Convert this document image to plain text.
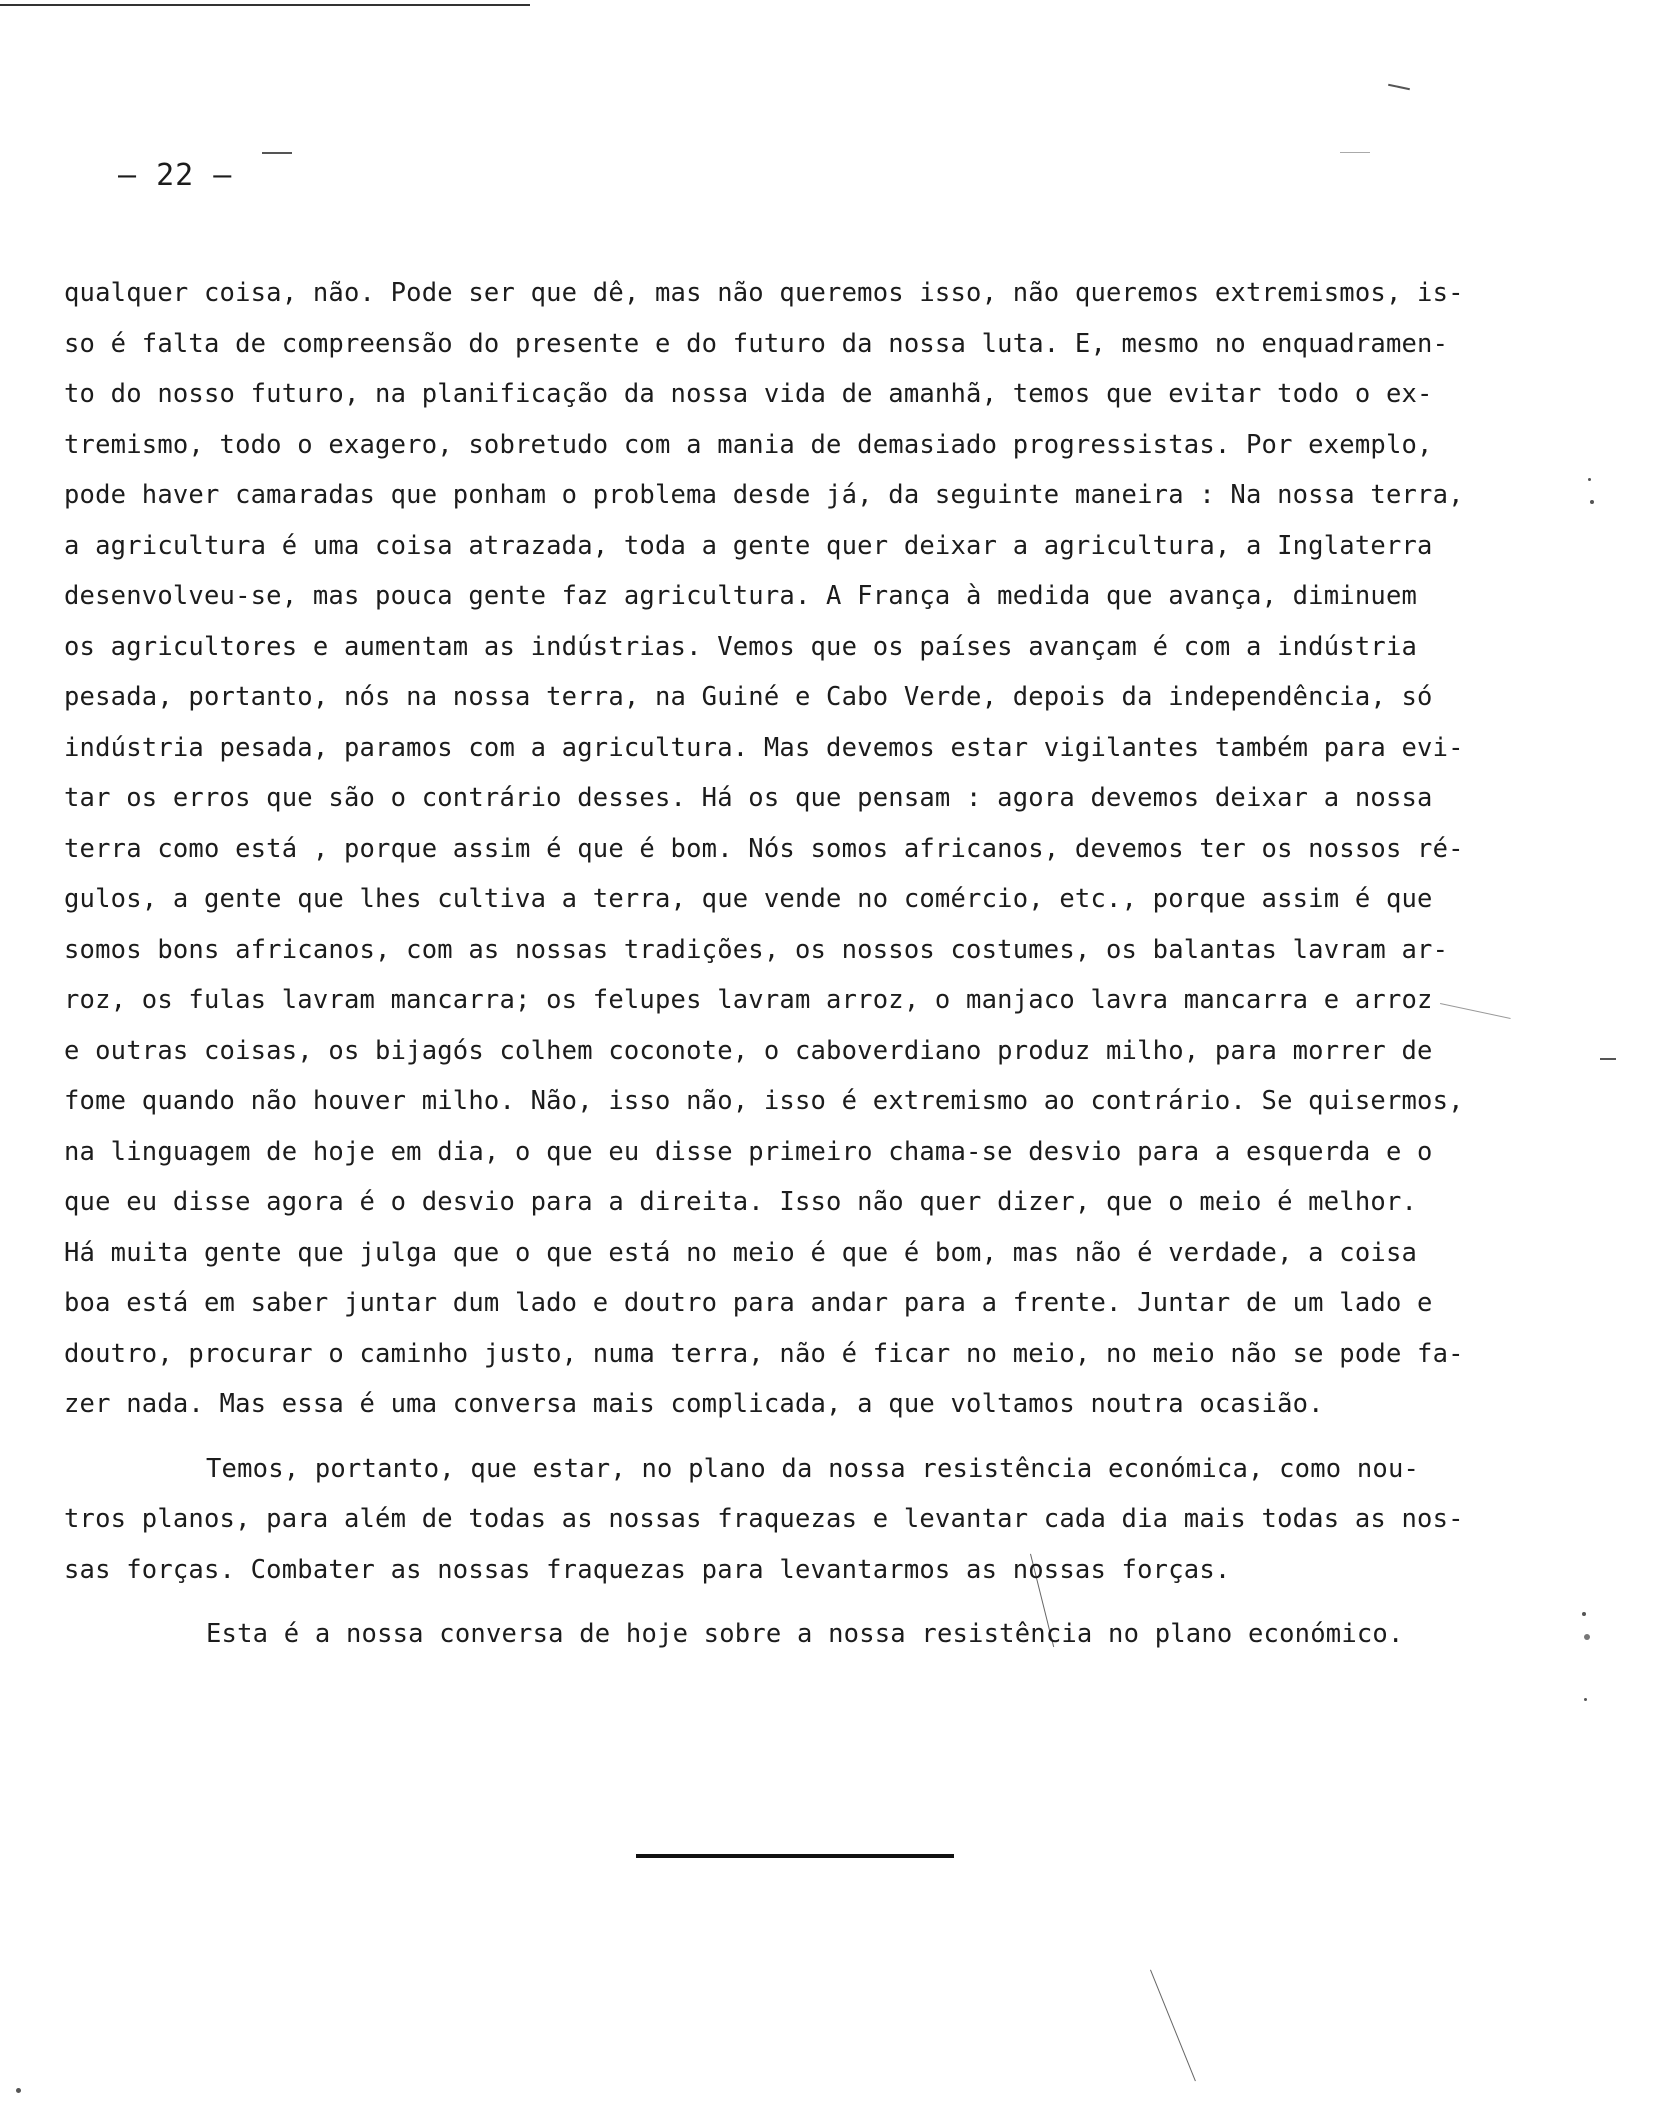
– 22 –
qualquer coisa, não. Pode ser que dê, mas não queremos isso, não queremos extremismos, is-
so é falta de compreensão do presente e do futuro da nossa luta. E, mesmo no enquadramen-
to do nosso futuro, na planificação da nossa vida de amanhã, temos que evitar todo o ex-
tremismo, todo o exagero, sobretudo com a mania de demasiado progressistas. Por exemplo,
pode haver camaradas que ponham o problema desde já, da seguinte maneira : Na nossa terra,
a agricultura é uma coisa atrazada, toda a gente quer deixar a agricultura, a Inglaterra
desenvolveu-se, mas pouca gente faz agricultura. A França à medida que avança, diminuem
os agricultores e aumentam as indústrias. Vemos que os países avançam é com a indústria
pesada, portanto, nós na nossa terra, na Guiné e Cabo Verde, depois da independência, só
indústria pesada, paramos com a agricultura. Mas devemos estar vigilantes também para evi-
tar os erros que são o contrário desses. Há os que pensam : agora devemos deixar a nossa
terra como está , porque assim é que é bom. Nós somos africanos, devemos ter os nossos ré-
gulos, a gente que lhes cultiva a terra, que vende no comércio, etc., porque assim é que
somos bons africanos, com as nossas tradições, os nossos costumes, os balantas lavram ar-
roz, os fulas lavram mancarra; os felupes lavram arroz, o manjaco lavra mancarra e arroz
e outras coisas, os bijagós colhem coconote, o caboverdiano produz milho, para morrer de
fome quando não houver milho. Não, isso não, isso é extremismo ao contrário. Se quisermos,
na linguagem de hoje em dia, o que eu disse primeiro chama-se desvio para a esquerda e o
que eu disse agora é o desvio para a direita. Isso não quer dizer, que o meio é melhor.
Há muita gente que julga que o que está no meio é que é bom, mas não é verdade, a coisa
boa está em saber juntar dum lado e doutro para andar para a frente. Juntar de um lado e
doutro, procurar o caminho justo, numa terra, não é ficar no meio, no meio não se pode fa-
zer nada. Mas essa é uma conversa mais complicada, a que voltamos noutra ocasião.
Temos, portanto, que estar, no plano da nossa resistência económica, como nou-
tros planos, para além de todas as nossas fraquezas e levantar cada dia mais todas as nos-
sas forças. Combater as nossas fraquezas para levantarmos as nossas forças.
Esta é a nossa conversa de hoje sobre a nossa resistência no plano económico.
